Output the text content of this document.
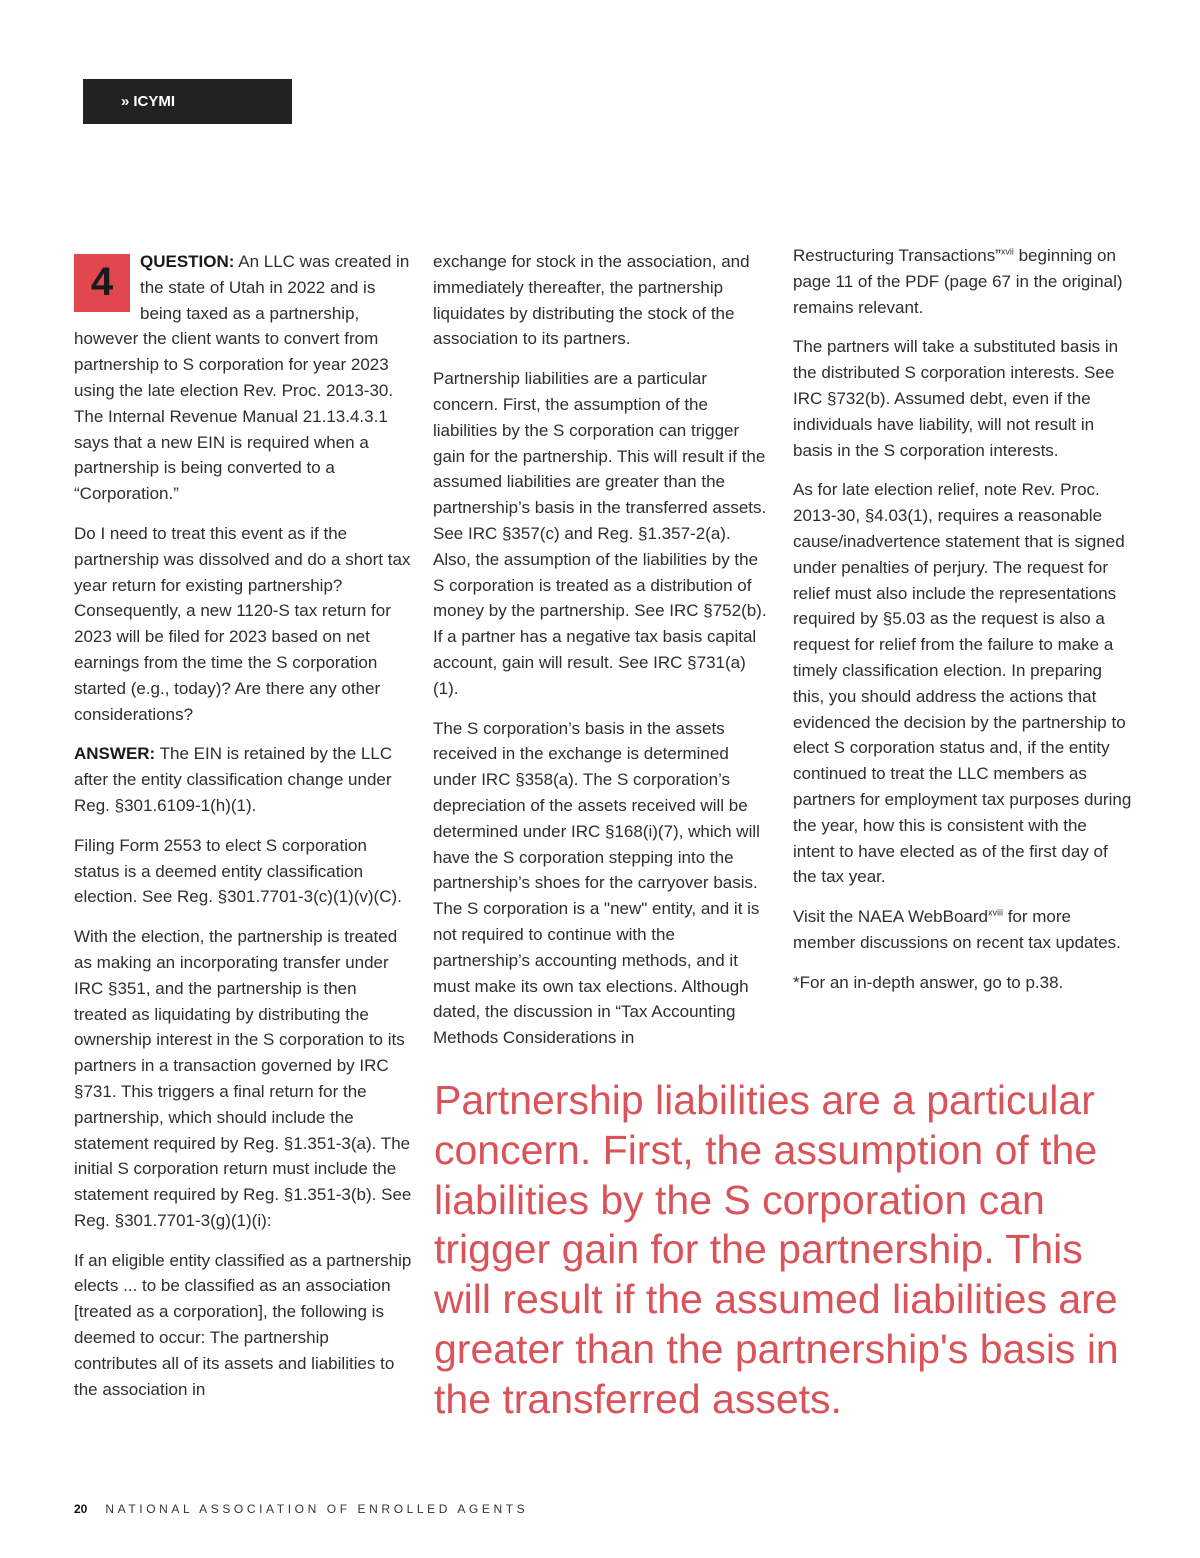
» ICYMI

4	QUESTION: An LLC was created in the state of Utah in 2022 and is being taxed as a partnership, however the client wants to convert from partnership to S corporation for year 2023 using the late election Rev. Proc. 2013-30. The Internal Revenue Manual 21.13.4.3.1 says that a new EIN is required when a partnership is being converted to a “Corporation.”

Do I need to treat this event as if the partnership was dissolved and do a short tax year return for existing partnership? Consequently, a new 1120-S tax return for 2023 will be filed for 2023 based on net earnings from the time the S corporation started (e.g., today)? Are there any other considerations?

ANSWER: The EIN is retained by the LLC after the entity classification change under Reg. §301.6109-1(h)(1).

Filing Form 2553 to elect S corporation status is a deemed entity classification election. See Reg. §301.7701-3(c)(1)(v)(C).

With the election, the partnership is treated as making an incorporating transfer under IRC §351, and the partnership is then treated as liquidating by distributing the ownership interest in the S corporation to its partners in a transaction governed by IRC §731. This triggers a final return for the partnership, which should include the statement required by Reg. §1.351-3(a). The initial S corporation return must include the statement required by Reg. §1.351-3(b). See Reg. §301.7701-3(g)(1)(i):

If an eligible entity classified as a partnership elects ... to be classified as an association [treated as a corporation], the following is deemed to occur: The partnership contributes all of its assets and liabilities to the association in

exchange for stock in the association, and immediately thereafter, the partnership liquidates by distributing the stock of the association to its partners.

Partnership liabilities are a particular concern. First, the assumption of the liabilities by the S corporation can trigger gain for the partnership. This will result if the assumed liabilities are greater than the partnership’s basis in the transferred assets. See IRC §357(c) and Reg. §1.357-2(a). Also, the assumption of the liabilities by the S corporation is treated as a distribution of money by the partnership. See IRC §752(b). If a partner has a negative tax basis capital account, gain will result. See IRC §731(a)(1).

The S corporation’s basis in the assets received in the exchange is determined under IRC §358(a). The S corporation’s depreciation of the assets received will be determined under IRC §168(i)(7), which will have the S corporation stepping into the partnership’s shoes for the carryover basis. The S corporation is a "new" entity, and it is not required to continue with the partnership’s accounting methods, and it must make its own tax elections. Although dated, the discussion in “Tax Accounting Methods Considerations in

Restructuring Transactions”$^{xvii}$ beginning on page 11 of the PDF (page 67 in the original) remains relevant.

The partners will take a substituted basis in the distributed S corporation interests. See IRC §732(b). Assumed debt, even if the individuals have liability, will not result in basis in the S corporation interests.

As for late election relief, note Rev. Proc. 2013-30, §4.03(1), requires a reasonable cause/inadvertence statement that is signed under penalties of perjury. The request for relief must also include the representations required by §5.03 as the request is also a request for relief from the failure to make a timely classification election. In preparing this, you should address the actions that evidenced the decision by the partnership to elect S corporation status and, if the entity continued to treat the LLC members as partners for employment tax purposes during the year, how this is consistent with the intent to have elected as of the first day of the tax year.

Visit the NAEA WebBoard$^{xviii}$ for more member discussions on recent tax updates.

*For an in-depth answer, go to p.38.

Partnership liabilities are a particular concern. First, the assumption of the liabilities by the S corporation can trigger gain for the partnership. This will result if the assumed liabilities are greater than the partnership's basis in the transferred assets.
20 NATIONAL ASSOCIATION OF ENROLLED AGENTS
